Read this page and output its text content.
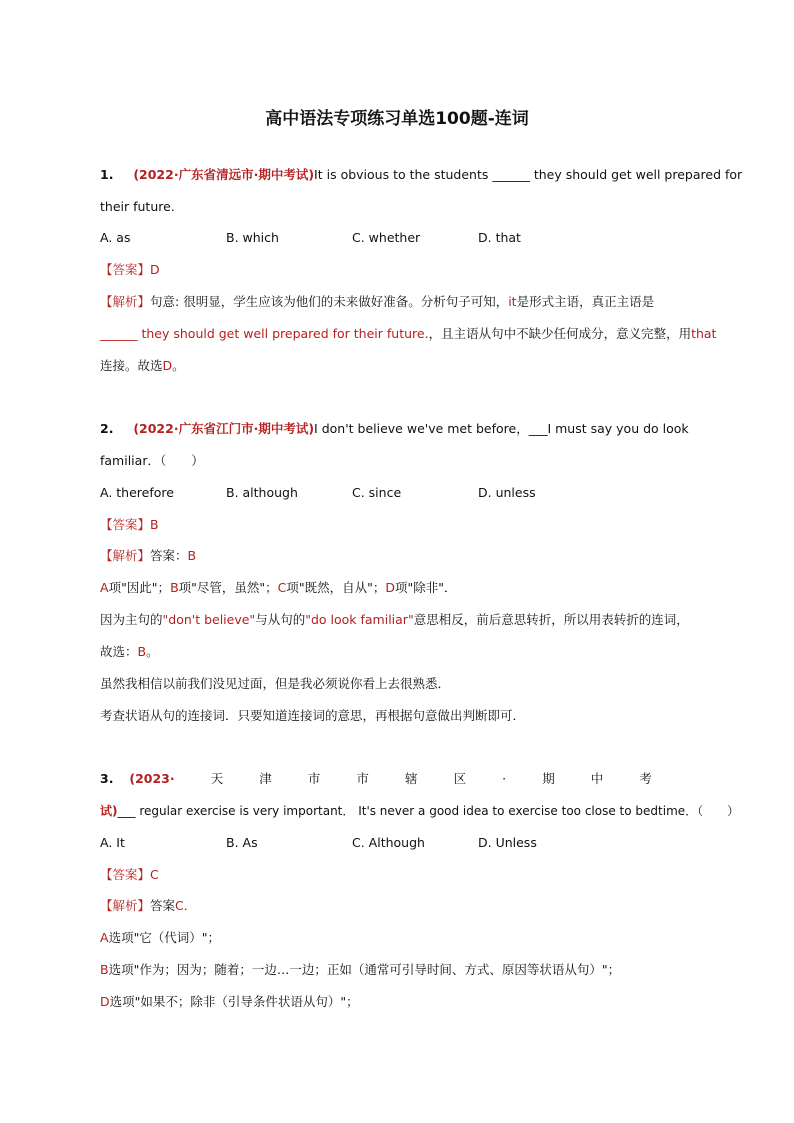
高中语法专项练习单选100题-连词
1. (2022·广东省清远市·期中考试)It is obvious to the students ______ they should get well prepared for
their future.
A. as	B. which	C. whether	D. that
【答案】D
【解析】句意: 很明显，学生应该为他们的未来做好准备。分析句子可知，it是形式主语，真正主语是
______ they should get well prepared for their future.，且主语从句中不缺少任何成分，意义完整，用that
连接。故选D。
2. (2022·广东省江门市·期中考试)I don't believe we've met before，___I must say you do look
familiar．（　　）
A. therefore	B. although	C. since	D. unless
【答案】B
【解析】答案：B
A项"因此"；B项"尽管，虽然"；C项"既然，自从"；D项"除非"．
因为主句的"don't believe"与从句的"do look familiar"意思相反，前后意思转折，所以用表转折的连词，
故选：B。
虽然我相信以前我们没见过面，但是我必须说你看上去很熟悉．
考查状语从句的连接词．只要知道连接词的意思，再根据句意做出判断即可．
3. (2023·	天	津	市	市	辖	区	·	期	中	考
试)___ regular exercise is very important． It's never a good idea to exercise too close to bedtime．（　　）
A. It	B. As	C. Although	D. Unless
【答案】C
【解析】答案C．
A选项"它（代词）"；
B选项"作为；因为；随着；一边…一边；正如（通常可引导时间、方式、原因等状语从句）"；
D选项"如果不；除非（引导条件状语从句）"；
